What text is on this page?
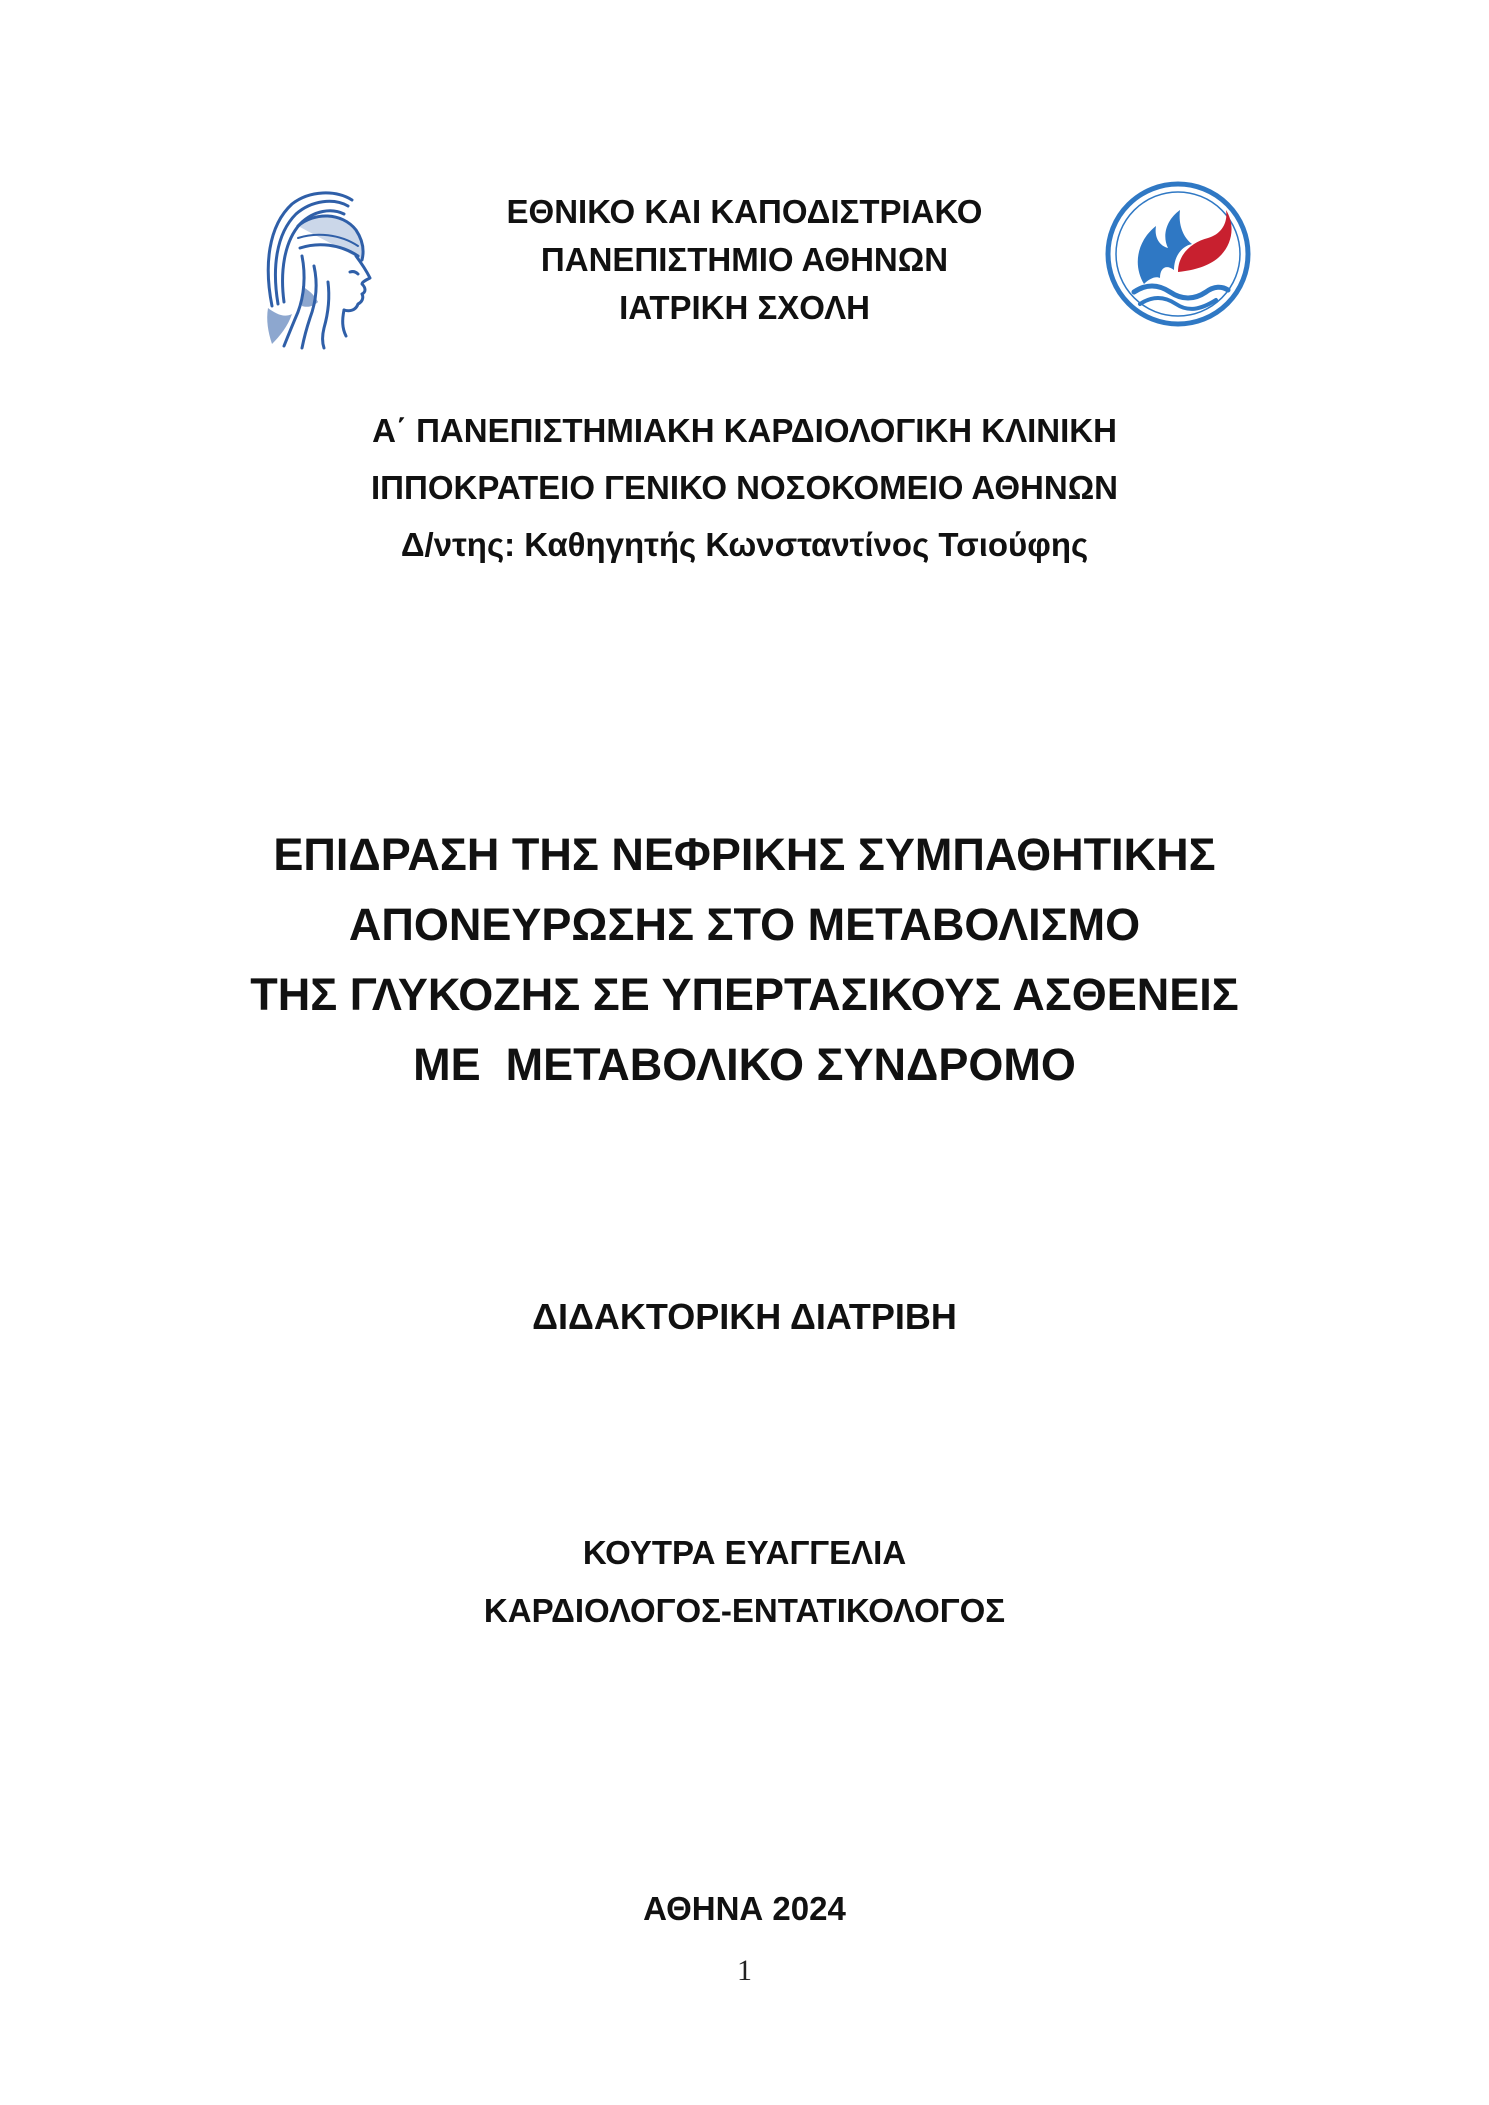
ΕΘΝΙΚΟ ΚΑΙ ΚΑΠΟΔΙΣΤΡΙΑΚΟ
ΠΑΝΕΠΙΣΤΗΜΙΟ ΑΘΗΝΩΝ
ΙΑΤΡΙΚΗ ΣΧΟΛΗ
Α΄ ΠΑΝΕΠΙΣΤΗΜΙΑΚΗ ΚΑΡΔΙΟΛΟΓΙΚΗ ΚΛΙΝΙΚΗ
ΙΠΠΟΚΡΑΤΕΙΟ ΓΕΝΙΚΟ ΝΟΣΟΚΟΜΕΙΟ ΑΘΗΝΩΝ
Δ/ντης: Καθηγητής Κωνσταντίνος Τσιούφης
ΕΠΙΔΡΑΣΗ ΤΗΣ ΝΕΦΡΙΚΗΣ ΣΥΜΠΑΘΗΤΙΚΗΣ
ΑΠΟΝΕΥΡΩΣΗΣ ΣΤΟ ΜΕΤΑΒΟΛΙΣΜΟ
ΤΗΣ ΓΛΥΚΟΖΗΣ ΣΕ ΥΠΕΡΤΑΣΙΚΟΥΣ ΑΣΘΕΝΕΙΣ
ΜΕ  ΜΕΤΑΒΟΛΙΚΟ ΣΥΝΔΡΟΜΟ
ΔΙΔΑΚΤΟΡΙΚΗ ΔΙΑΤΡΙΒΗ
ΚΟΥΤΡΑ ΕΥΑΓΓΕΛΙΑ
ΚΑΡΔΙΟΛΟΓΟΣ-ΕΝΤΑΤΙΚΟΛΟΓΟΣ
ΑΘΗΝΑ 2024
1
